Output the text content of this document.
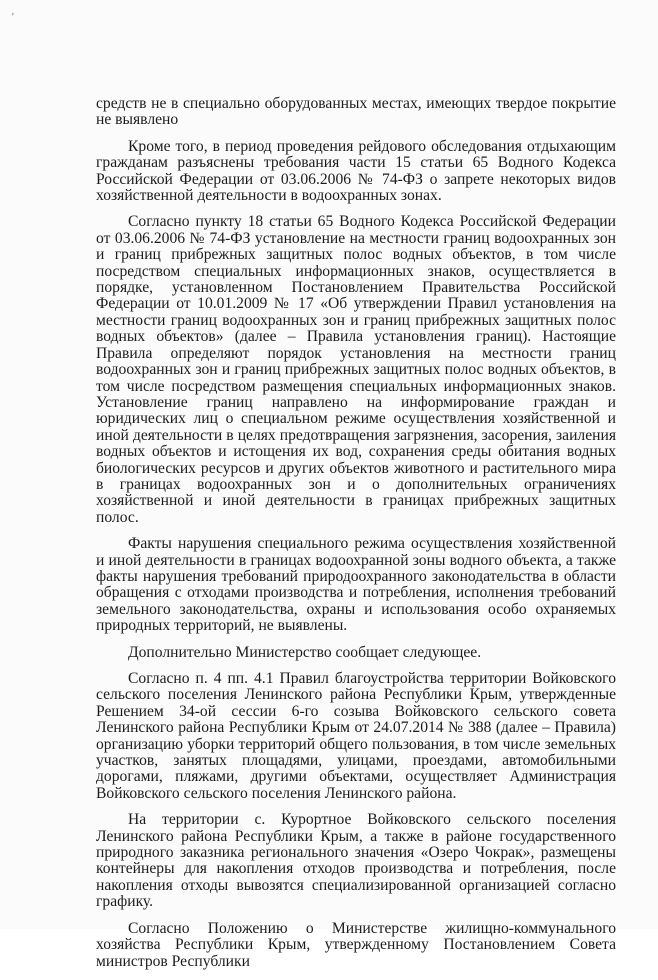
'

средств не в специально оборудованных местах, имеющих твердое покрытие не выявлено

Кроме того, в период проведения рейдового обследования отдыхающим гражданам разъяснены требования части 15 статьи 65 Водного Кодекса Российской Федерации от 03.06.2006 № 74-ФЗ о запрете некоторых видов хозяйственной деятельности в водоохранных зонах.

Согласно пункту 18 статьи 65 Водного Кодекса Российской Федерации от 03.06.2006 № 74-ФЗ установление на местности границ водоохранных зон и границ прибрежных защитных полос водных объектов, в том числе посредством специальных информационных знаков, осуществляется в порядке, установленном Постановлением Правительства Российской Федерации от 10.01.2009 № 17 «Об утверждении Правил установления на местности границ водоохранных зон и границ прибрежных защитных полос водных объектов» (далее – Правила установления границ). Настоящие Правила определяют порядок установления на местности границ водоохранных зон и границ прибрежных защитных полос водных объектов, в том числе посредством размещения специальных информационных знаков. Установление границ направлено на информирование граждан и юридических лиц о специальном режиме осуществления хозяйственной и иной деятельности в целях предотвращения загрязнения, засорения, заиления водных объектов и истощения их вод, сохранения среды обитания водных биологических ресурсов и других объектов животного и растительного мира в границах водоохранных зон и о дополнительных ограничениях хозяйственной и иной деятельности в границах прибрежных защитных полос.

Факты нарушения специального режима осуществления хозяйственной и иной деятельности в границах водоохранной зоны водного объекта, а также факты нарушения требований природоохранного законодательства в области обращения с отходами производства и потребления, исполнения требований земельного законодательства, охраны и использования особо охраняемых природных территорий, не выявлены.

Дополнительно Министерство сообщает следующее.

Согласно п. 4 пп. 4.1 Правил благоустройства территории Войковского сельского поселения Ленинского района Республики Крым, утвержденные Решением 34-ой сессии 6-го созыва Войковского сельского совета Ленинского района Республики Крым от 24.07.2014 № 388 (далее – Правила) организацию уборки территорий общего пользования, в том числе земельных участков, занятых площадями, улицами, проездами, автомобильными дорогами, пляжами, другими объектами, осуществляет Администрация Войковского сельского поселения Ленинского района.

На территории с. Курортное Войковского сельского поселения Ленинского района Республики Крым, а также в районе государственного природного заказника регионального значения «Озеро Чокрак», размещены контейнеры для накопления отходов производства и потребления, после накопления отходы вывозятся специализированной организацией согласно графику.

Согласно Положению о Министерстве жилищно-коммунального хозяйства Республики Крым, утвержденному Постановлением Совета министров Республики
